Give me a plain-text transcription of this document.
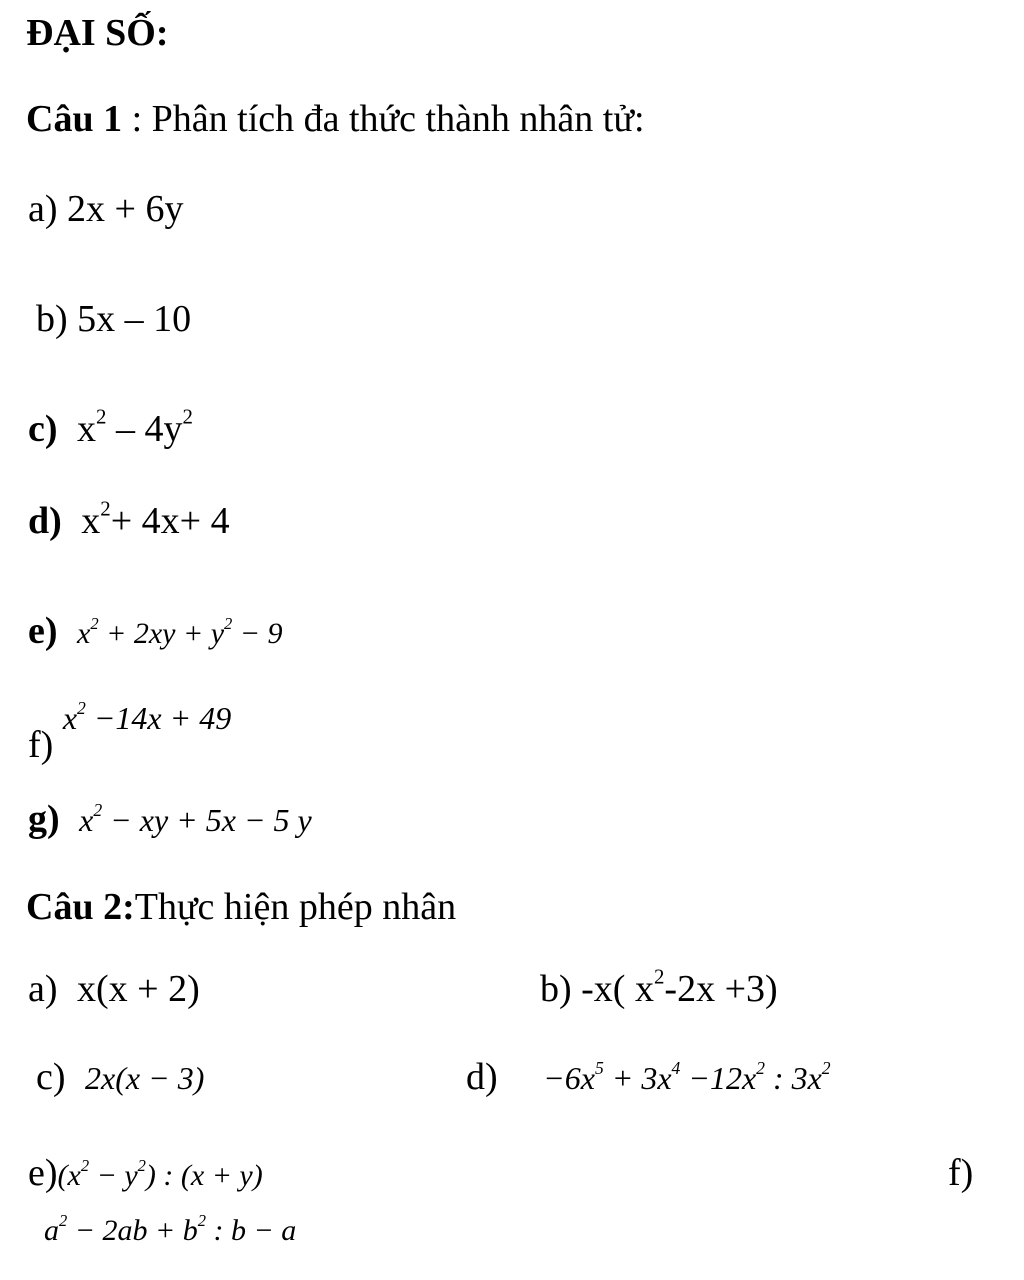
ĐẠI SỐ:
Câu 1 : Phân tích đa thức thành nhân tử:
a) 2x + 6y
b) 5x – 10
c) $x^2 - 4y^2$
d) $x^2+ 4x+ 4$
e) $x^2 + 2xy + y^2 - 9$
f) $^{x^2 -14x + 49}$
g) $x^2$ − xy + 5x − 5 y
Câu 2:Thực hiện phép nhân
a) x(x + 2)	b) -x( $x^2-2x +3$)
c) 2x(x − 3)	$d) -6x^5 + 3x^4 -12x^2$ : $3x^2$
$e)(x^2 - y^2)$ : (x + y)	f)
$a^2 - 2ab + b^2$ : b − a
